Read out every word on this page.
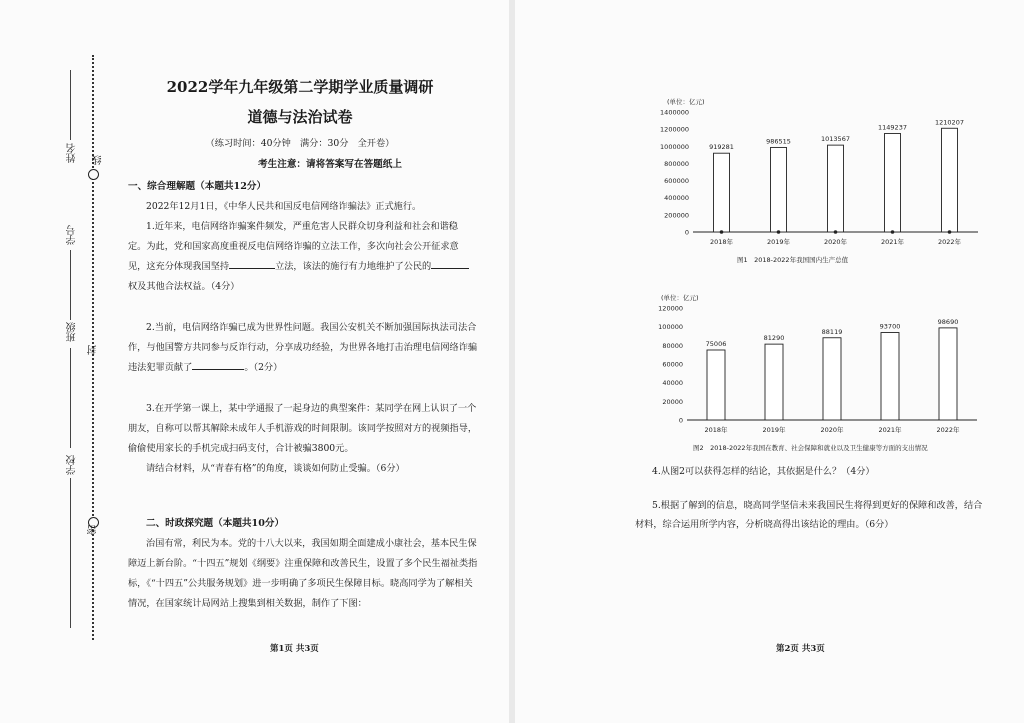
线
封
密
姓名
学号
班级
学校
2022学年九年级第二学期学业质量调研
道德与法治试卷
（练习时间：40分钟　满分：30分　全开卷）
考生注意：请将答案写在答题纸上
一、综合理解题（本题共12分）
2022年12月1日，《中华人民共和国反电信网络诈骗法》正式施行。
1.近年来，电信网络诈骗案件频发，严重危害人民群众切身利益和社会和谐稳
定。为此，党和国家高度重视反电信网络诈骗的立法工作，多次向社会公开征求意
见，这充分体现我国坚持	立法，该法的施行有力地维护了公民的
权及其他合法权益。（4分）
2.当前，电信网络诈骗已成为世界性问题。我国公安机关不断加强国际执法司法合
作，与他国警方共同参与反诈行动，分享成功经验，为世界各地打击治理电信网络诈骗
违法犯罪贡献了	。（2分）
3.在开学第一课上，某中学通报了一起身边的典型案件：某同学在网上认识了一个
朋友，自称可以帮其解除未成年人手机游戏的时间限制。该同学按照对方的视频指导，
偷偷使用家长的手机完成扫码支付，合计被骗3800元。
请结合材料，从“青春有格”的角度，谈谈如何防止受骗。（6分）
二、时政探究题（本题共10分）
治国有常，利民为本。党的十八大以来，我国如期全面建成小康社会，基本民生保
障迈上新台阶。“十四五”规划《纲要》注重保障和改善民生，设置了多个民生福祉类指
标，《“十四五”公共服务规划》进一步明确了多项民生保障目标。晓高同学为了解相关
情况，在国家统计局网站上搜集到相关数据，制作了下图：
第1页 共3页
(单位：亿元)
0
200000
400000
600000
800000
1000000
1200000
1400000
919281
2018年
986515
2019年
1013567
2020年
1149237
2021年
1210207
2022年
图1　2018-2022年我国国内生产总值
(单位：亿元)
0
20000
40000
60000
80000
100000
120000
75006
2018年
81290
2019年
88119
2020年
93700
2021年
98690
2022年
图2　2018-2022年我国在教育、社会保障和就业以及卫生健康等方面的支出情况
4.从图2可以获得怎样的结论，其依据是什么？（4分）
5.根据了解到的信息，晓高同学坚信未来我国民生将得到更好的保障和改善，结合
材料，综合运用所学内容，分析晓高得出该结论的理由。（6分）
第2页 共3页
